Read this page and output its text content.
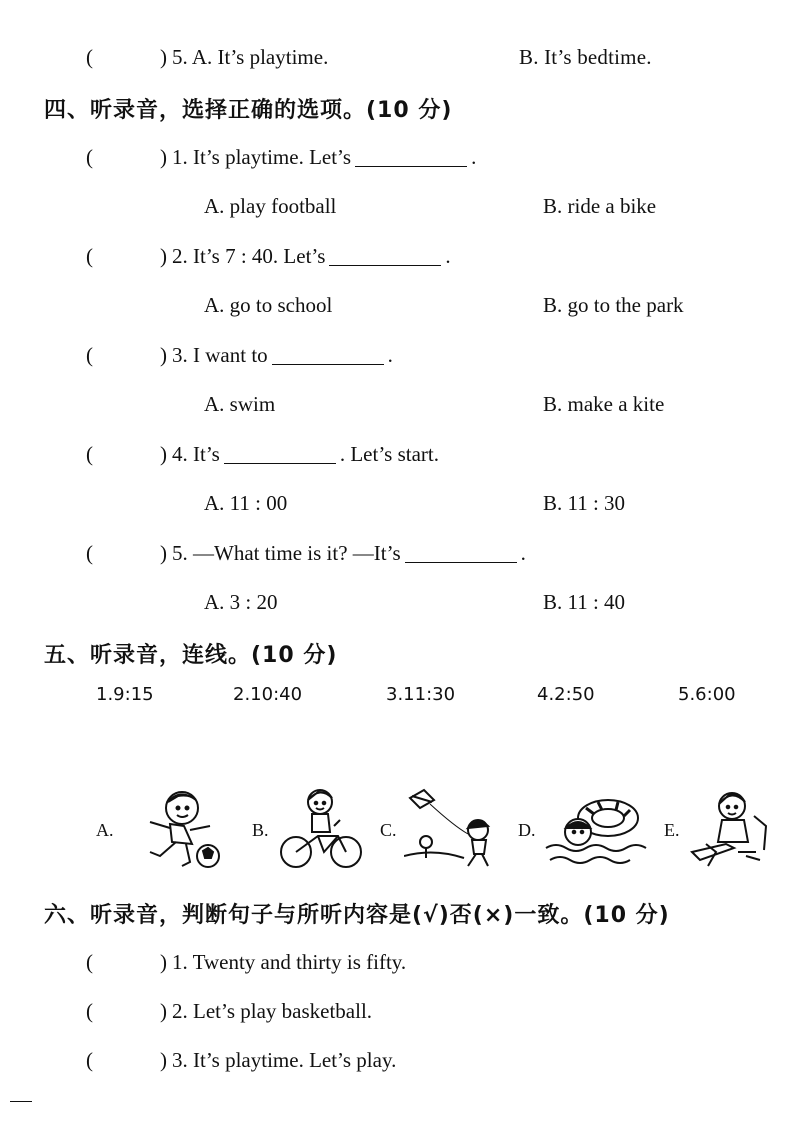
(	) 5. A. It’s playtime.	B. It’s bedtime.
四、听录音，选择正确的选项。(10 分)
(	) 1. It’s playtime. Let’s	.
A. play football	B. ride a bike
(	) 2. It’s 7 : 40. Let’s	.
A. go to school	B. go to the park
(	) 3. I want to	.
A. swim	B. make a kite
(	) 4. It’s	. Let’s start.
A. 11 : 00	B. 11 : 30
(	) 5. —What time is it? —It’s	.
A. 3 : 20	B. 11 : 40
五、听录音，连线。(10 分)
1.9:15	2.10:40	3.11:30	4.2:50	5.6:00
A.	B.	C.	D.	E.
六、听录音，判断句子与所听内容是(√)否(×)一致。(10 分)
(	) 1. Twenty and thirty is fifty.
(	) 2. Let’s play basketball.
(	) 3. It’s playtime. Let’s play.
